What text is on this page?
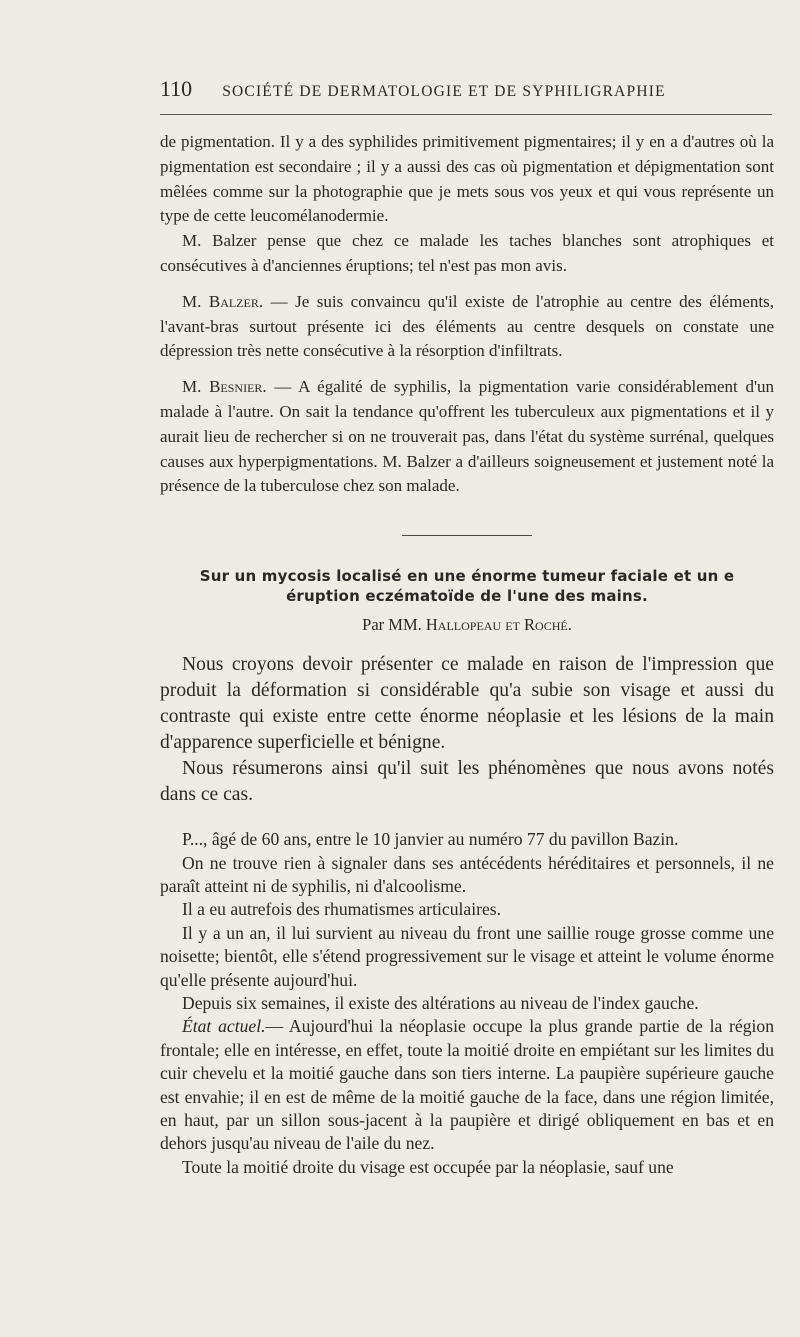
110 SOCIÉTÉ DE DERMATOLOGIE ET DE SYPHILIGRAPHIE

de pigmentation. Il y a des syphilides primitivement pigmentaires; il y en a d'autres où la pigmentation est secondaire ; il y a aussi des cas où pigmentation et dépigmentation sont mêlées comme sur la photographie que je mets sous vos yeux et qui vous représente un type de cette leucomélanodermie.

M. Balzer pense que chez ce malade les taches blanches sont atrophiques et consécutives à d'anciennes éruptions; tel n'est pas mon avis.

M. Balzer. — Je suis convaincu qu'il existe de l'atrophie au centre des éléments, l'avant-bras surtout présente ici des éléments au centre desquels on constate une dépression très nette consécutive à la résorption d'infiltrats.

M. Besnier. — A égalité de syphilis, la pigmentation varie considérablement d'un malade à l'autre. On sait la tendance qu'offrent les tuberculeux aux pigmentations et il y aurait lieu de rechercher si on ne trouverait pas, dans l'état du système surrénal, quelques causes aux hyperpigmentations. M. Balzer a d'ailleurs soigneusement et justement noté la présence de la tuberculose chez son malade.

Sur un mycosis localisé en une énorme tumeur faciale et un e
éruption eczématoïde de l'une des mains.
Par MM. Hallopeau et Roché.

Nous croyons devoir présenter ce malade en raison de l'impression que produit la déformation si considérable qu'a subie son visage et aussi du contraste qui existe entre cette énorme néoplasie et les lésions de la main d'apparence superficielle et bénigne.

Nous résumerons ainsi qu'il suit les phénomènes que nous avons notés dans ce cas.

P..., âgé de 60 ans, entre le 10 janvier au numéro 77 du pavillon Bazin.

On ne trouve rien à signaler dans ses antécédents héréditaires et personnels, il ne paraît atteint ni de syphilis, ni d'alcoolisme.

Il a eu autrefois des rhumatismes articulaires.

Il y a un an, il lui survient au niveau du front une saillie rouge grosse comme une noisette; bientôt, elle s'étend progressivement sur le visage et atteint le volume énorme qu'elle présente aujourd'hui.

Depuis six semaines, il existe des altérations au niveau de l'index gauche.

État actuel.— Aujourd'hui la néoplasie occupe la plus grande partie de la région frontale; elle en intéresse, en effet, toute la moitié droite en empiétant sur les limites du cuir chevelu et la moitié gauche dans son tiers interne. La paupière supérieure gauche est envahie; il en est de même de la moitié gauche de la face, dans une région limitée, en haut, par un sillon sous-jacent à la paupière et dirigé obliquement en bas et en dehors jusqu'au niveau de l'aile du nez.

Toute la moitié droite du visage est occupée par la néoplasie, sauf une
